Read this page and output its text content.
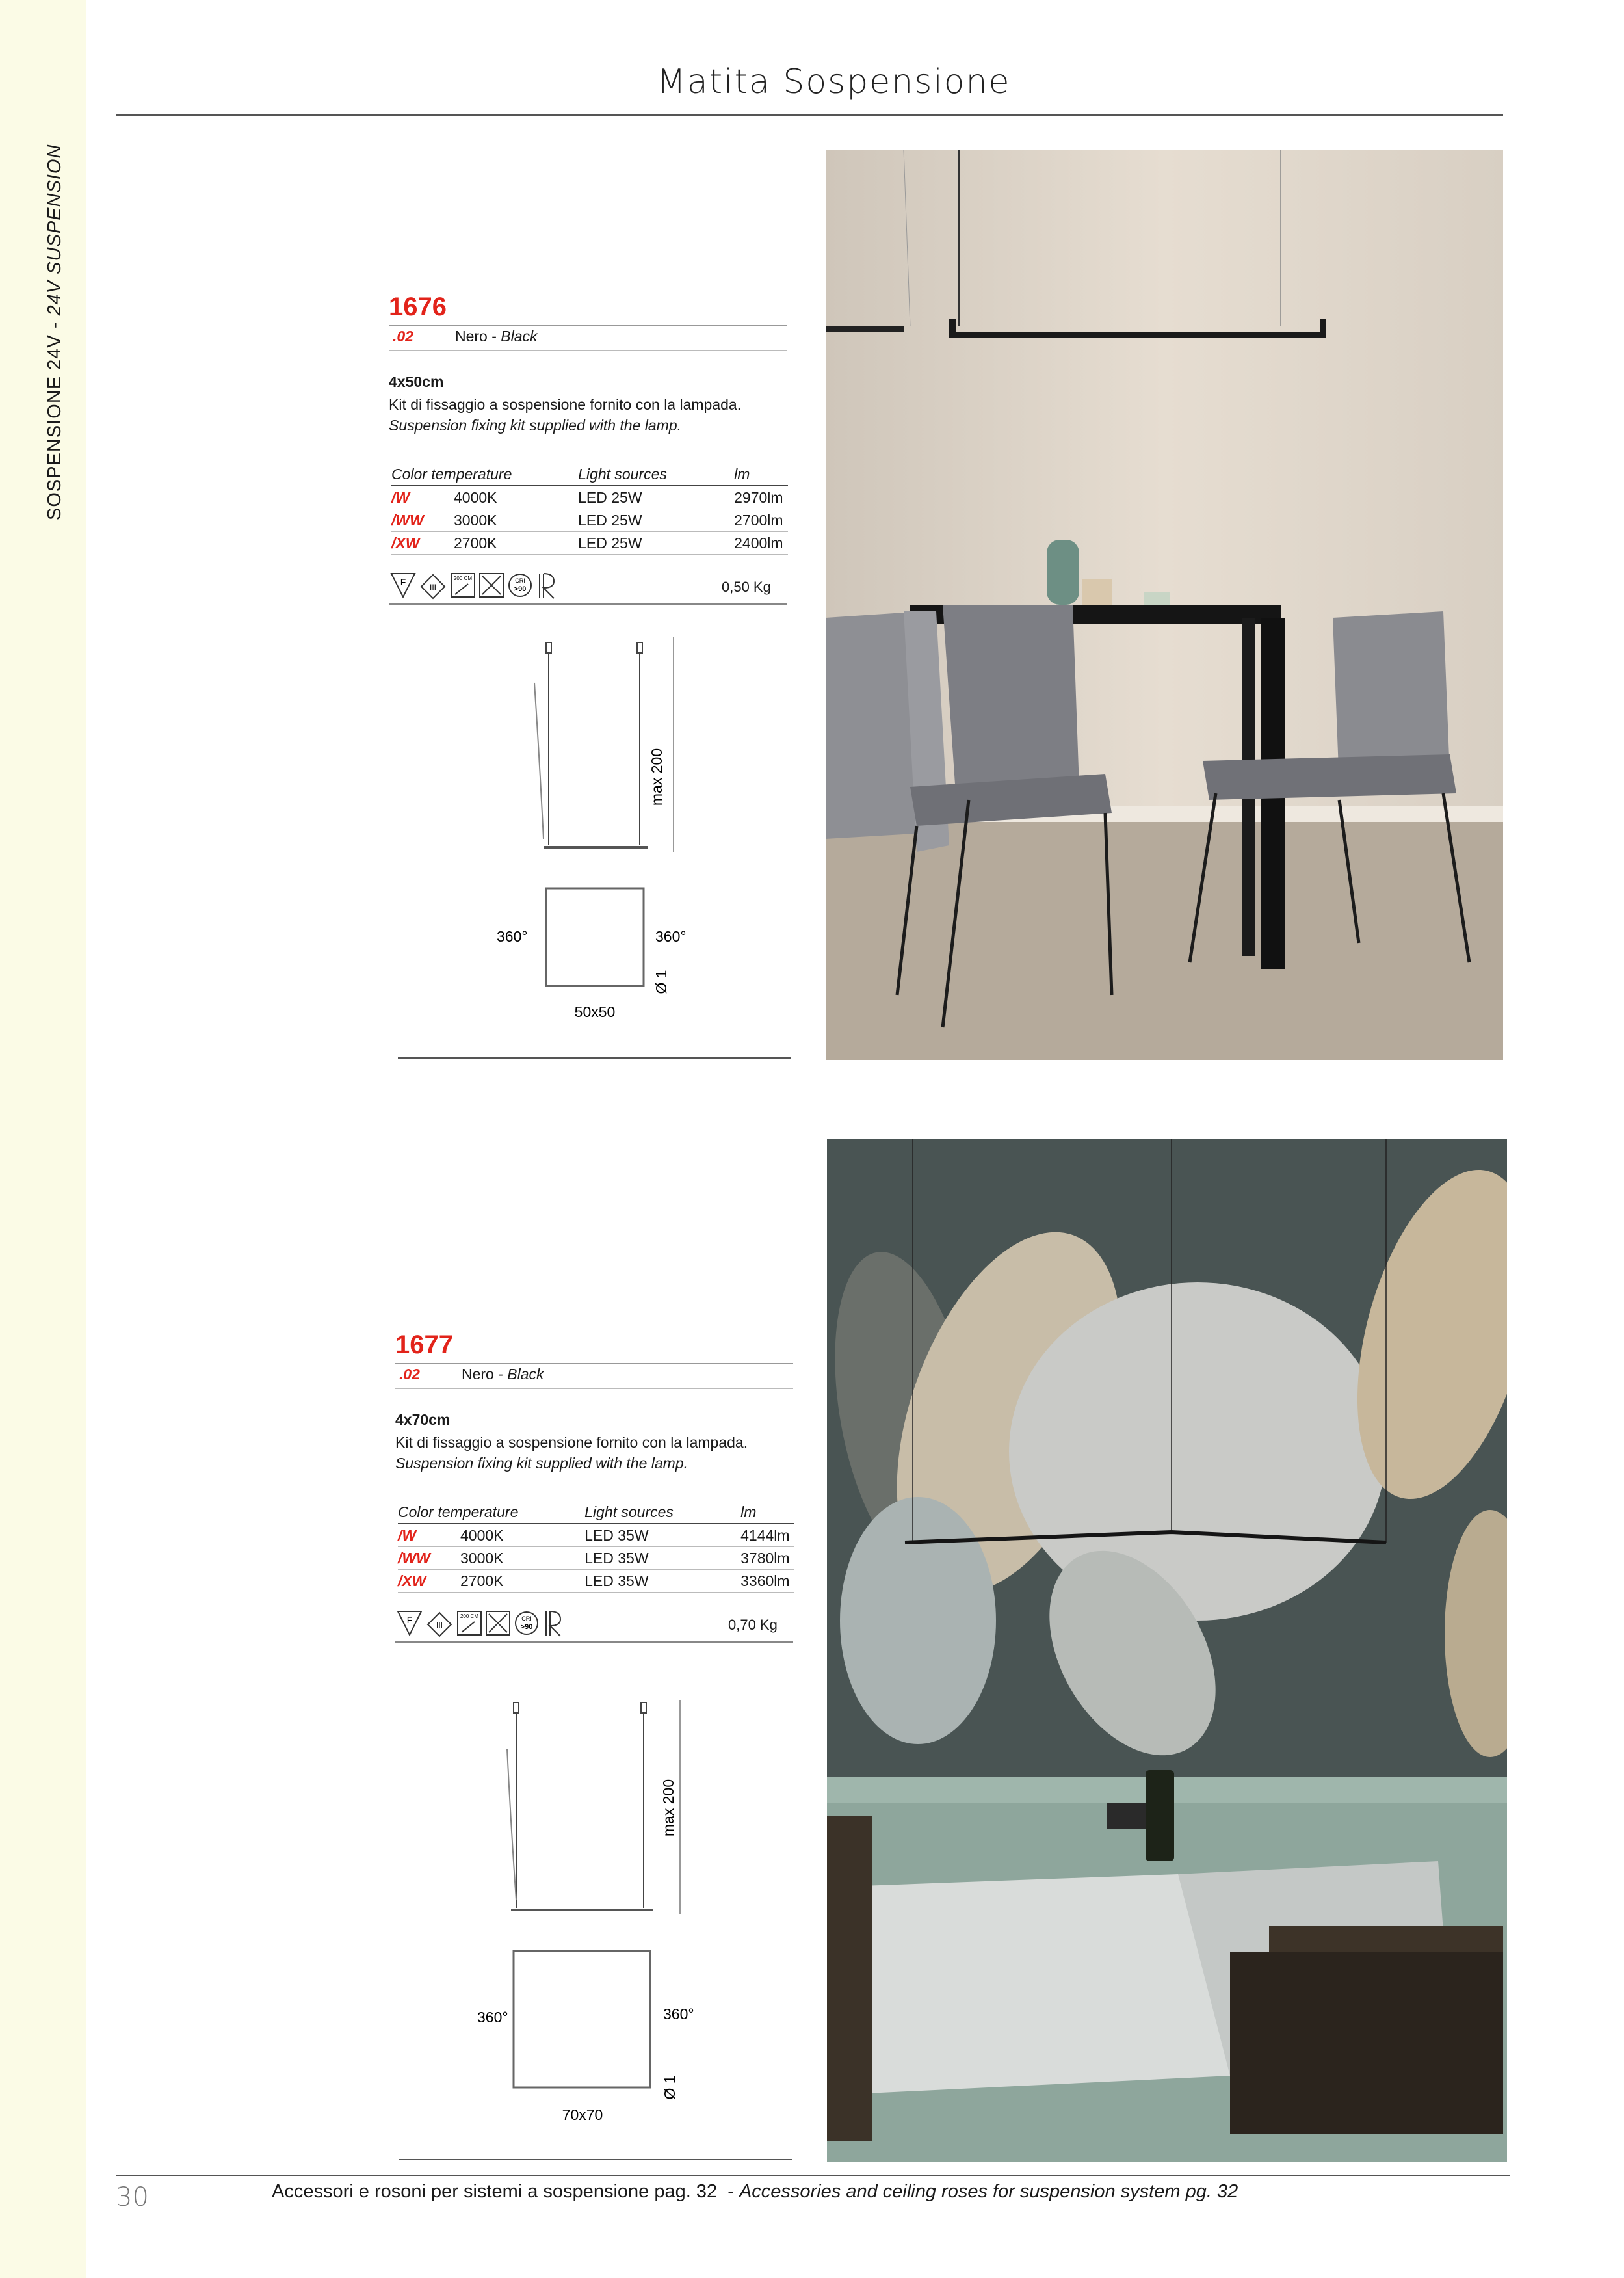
SOSPENSIONE 24V - 24V SUSPENSION
Matita Sospensione
1676
.02	Nero - Black
4x50cm
Kit di fissaggio a sospensione fornito con la lampada.
Suspension fixing kit supplied with the lamp.
Color temperature		Light sources	lm
/W	4000K	LED 25W	2970lm
/WW	3000K	LED 25W	2700lm
/XW	2700K	LED 25W	2400lm
F	III
200 CM	CRI
>90	0,50 Kg
max 200
360°	360°
Ø 1
50x50
1677
.02	Nero - Black
4x70cm
Kit di fissaggio a sospensione fornito con la lampada.
Suspension fixing kit supplied with the lamp.
Color temperature		Light sources	lm
/W	4000K	LED 35W	4144lm
/WW	3000K	LED 35W	3780lm
/XW	2700K	LED 35W	3360lm
F	III
200 CM	CRI
>90	0,70 Kg
max 200
360°	360°
Ø 1
70x70
30	Accessori e rosoni per sistemi a sospensione pag. 32  - Accessories and ceiling roses for suspension system pg. 32
